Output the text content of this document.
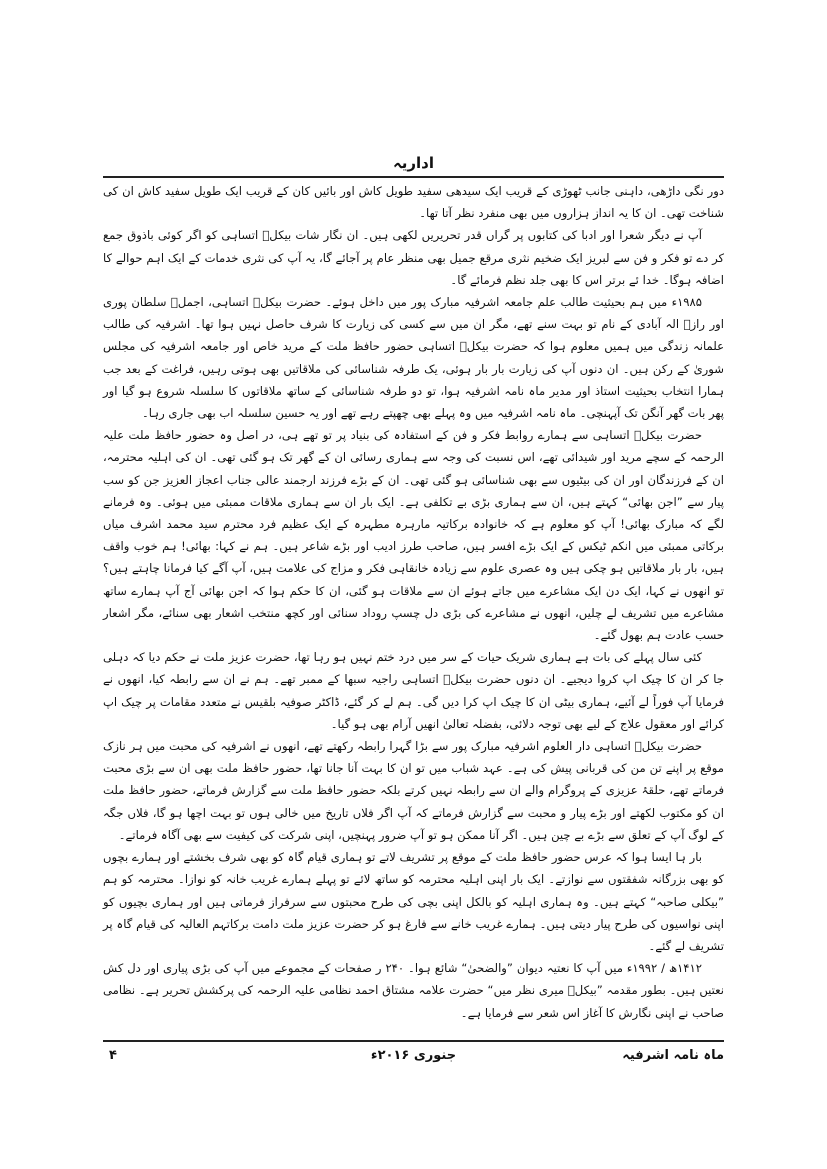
اداریہ

دور نگی داڑھی، داہنی جانب ٹھوڑی کے قریب ایک سیدھی سفید طویل کاش اور بائیں کان کے قریب ایک طویل سفید کاش ان کی شناخت تھی۔ ان کا یہ انداز ہزاروں میں بھی منفرد نظر آتا تھا۔

آپ نے دیگر شعرا اور ادبا کی کتابوں پر گراں قدر تحریریں لکھی ہیں۔ ان نگار شات بیکلؔ اتساہی کو اگر کوئی باذوق جمع کر دے تو فکر و فن سے لبریز ایک ضخیم نثری مرقع جمیل بھی منظر عام پر آجائے گا، یہ آپ کی نثری خدمات کے ایک اہم حوالے کا اضافہ ہوگا۔ خدا ئے برتر اس کا بھی جلد نظم فرمائے گا۔

۱۹۸۵ء میں ہم بحیثیت طالب علم جامعہ اشرفیہ مبارک پور میں داخل ہوئے۔ حضرت بیکلؔ اتساہی، اجملؔ سلطان پوری اور رازؔ الہ آبادی کے نام تو بہت سنے تھے، مگر ان میں سے کسی کی زیارت کا شرف حاصل نہیں ہوا تھا۔ اشرفیہ کی طالب علمانہ زندگی میں ہمیں معلوم ہوا کہ حضرت بیکلؔ اتساہی حضور حافظ ملت کے مرید خاص اور جامعہ اشرفیہ کی مجلس شوریٰ کے رکن ہیں۔ ان دنوں آپ کی زیارت بار بار ہوئی، یک طرفہ شناسائی کی ملاقاتیں بھی ہوتی رہیں، فراغت کے بعد جب ہمارا انتخاب بحیثیت استاذ اور مدیر ماہ نامہ اشرفیہ ہوا، تو دو طرفہ شناسائی کے ساتھ ملاقاتوں کا سلسلہ شروع ہو گیا اور پھر بات گھر آنگن تک آپہنچی۔ ماہ نامہ اشرفیہ میں وہ پہلے بھی چھپتے رہے تھے اور یہ حسین سلسلہ اب بھی جاری رہا۔

حضرت بیکلؔ اتساہی سے ہمارے روابط فکر و فن کے استفادہ کی بنیاد پر تو تھے ہی، در اصل وہ حضور حافظ ملت علیہ الرحمہ کے سچے مرید اور شیدائی تھے، اس نسبت کی وجہ سے ہماری رسائی ان کے گھر تک ہو گئی تھی۔ ان کی اہلیہ محترمہ، ان کے فرزندگان اور ان کی بیٹیوں سے بھی شناسائی ہو گئی تھی۔ ان کے بڑے فرزند ارجمند عالی جناب اعجاز العزیز جن کو سب پیار سے ”اجن بھائی“ کہتے ہیں، ان سے ہماری بڑی بے تکلفی ہے۔ ایک بار ان سے ہماری ملاقات ممبئی میں ہوئی۔ وہ فرمانے لگے کہ مبارک بھائی! آپ کو معلوم ہے کہ خانوادہ برکاتیہ مارہرہ مطہرہ کے ایک عظیم فرد محترم سید محمد اشرف میاں برکاتی ممبئی میں انکم ٹیکس کے ایک بڑے افسر ہیں، صاحب طرز ادیب اور بڑے شاعر ہیں۔ ہم نے کہا: بھائی! ہم خوب واقف ہیں، بار بار ملاقاتیں ہو چکی ہیں وہ عصری علوم سے زیادہ خانقاہی فکر و مزاج کی علامت ہیں، آپ آگے کیا فرمانا چاہتے ہیں؟ تو انھوں نے کہا، ایک دن ایک مشاعرے میں جاتے ہوئے ان سے ملاقات ہو گئی، ان کا حکم ہوا کہ اجن بھائی آج آپ ہمارے ساتھ مشاعرے میں تشریف لے چلیں، انھوں نے مشاعرے کی بڑی دل چسپ روداد سنائی اور کچھ منتخب اشعار بھی سنائے، مگر اشعار حسب عادت ہم بھول گئے۔

کئی سال پہلے کی بات ہے ہماری شریک حیات کے سر میں درد ختم نہیں ہو رہا تھا، حضرت عزیز ملت نے حکم دیا کہ دہلی جا کر ان کا چیک اپ کروا دیجیے۔ ان دنوں حضرت بیکلؔ اتساہی راجیہ سبھا کے ممبر تھے۔ ہم نے ان سے رابطہ کیا، انھوں نے فرمایا آپ فوراً لے آئیے، ہماری بیٹی ان کا چیک اپ کرا دیں گی۔ ہم لے کر گئے، ڈاکٹر صوفیہ بلقیس نے متعدد مقامات پر چیک اپ کرائے اور معقول علاج کے لیے بھی توجہ دلائی، بفضلہ تعالیٰ انھیں آرام بھی ہو گیا۔

حضرت بیکلؔ اتساہی دار العلوم اشرفیہ مبارک پور سے بڑا گہرا رابطہ رکھتے تھے، انھوں نے اشرفیہ کی محبت میں ہر نازک موقع پر اپنے تن من کی قربانی پیش کی ہے۔ عہد شباب میں تو ان کا بہت آنا جانا تھا، حضور حافظ ملت بھی ان سے بڑی محبت فرماتے تھے، حلقۂ عزیزی کے پروگرام والے ان سے رابطہ نہیں کرتے بلکہ حضور حافظ ملت سے گزارش فرماتے، حضور حافظ ملت ان کو مکتوب لکھتے اور بڑے پیار و محبت سے گزارش فرماتے کہ آپ اگر فلاں تاریخ میں خالی ہوں تو بہت اچھا ہو گا، فلاں جگہ کے لوگ آپ کے تعلق سے بڑے بے چین ہیں۔ اگر آنا ممکن ہو تو آپ ضرور پہنچیں، اپنی شرکت کی کیفیت سے بھی آگاہ فرماتے۔

بار ہا ایسا ہوا کہ عرس حضور حافظ ملت کے موقع پر تشریف لاتے تو ہماری قیام گاہ کو بھی شرف بخشتے اور ہمارے بچوں کو بھی بزرگانہ شفقتوں سے نوازتے۔ ایک بار اپنی اہلیہ محترمہ کو ساتھ لائے تو پہلے ہمارے غریب خانہ کو نوازا۔ محترمہ کو ہم ”بیکلی صاحبہ“ کہتے ہیں۔ وہ ہماری اہلیہ کو بالکل اپنی بچی کی طرح محبتوں سے سرفراز فرماتی ہیں اور ہماری بچیوں کو اپنی نواسیوں کی طرح پیار دیتی ہیں۔ ہمارے غریب خانے سے فارغ ہو کر حضرت عزیز ملت دامت برکاتہم العالیہ کی قیام گاہ پر تشریف لے گئے۔

۱۴۱۲ھ / ۱۹۹۲ء میں آپ کا نعتیہ دیوان ”والضحیٰ“ شائع ہوا۔ ۲۴۰ ر صفحات کے مجموعے میں آپ کی بڑی پیاری اور دل کش نعتیں ہیں۔ بطور مقدمہ ”بیکلؔ میری نظر میں“ حضرت علامہ مشتاق احمد نظامی علیہ الرحمہ کی پرکشش تحریر ہے۔ نظامی صاحب نے اپنی نگارش کا آغاز اس شعر سے فرمایا ہے۔

ماہ نامہ اشرفیہ
جنوری ۲۰۱۶ء
۴
